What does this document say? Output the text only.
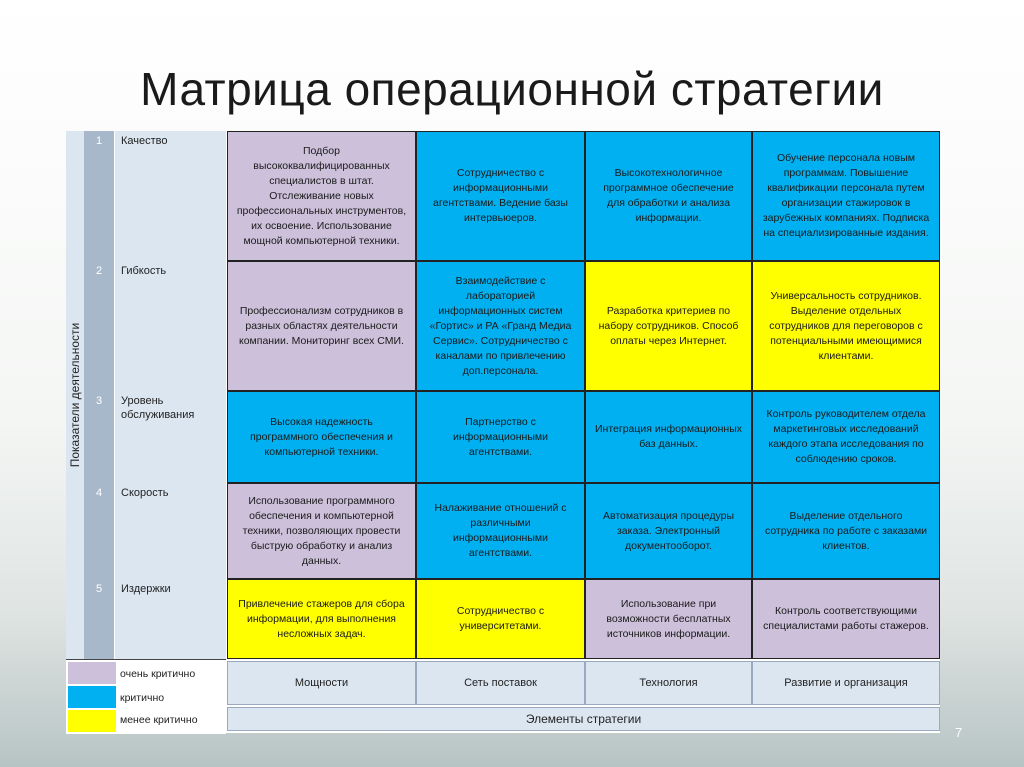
Матрица операционной стратегии
Показатели деятельности
1	Качество
Подбор высококвалифицированных специалистов в штат. Отслеживание новых профессиональных инструментов, их освоение. Использование мощной компьютерной техники.
Сотрудничество с информационными агентствами. Ведение базы интервьюеров.
Высокотехнологичное программное обеспечение для обработки и анализа информации.
Обучение персонала новым программам. Повышение квалификации персонала путем организации стажировок в зарубежных компаниях. Подписка на специализированные издания.
2	Гибкость
Профессионализм сотрудников в разных областях деятельности компании. Мониторинг всех СМИ.
Взаимодействие с лабораторией информационных систем «Гортис» и РА «Гранд Медиа Сервис». Сотрудничество с каналами по привлечению доп.персонала.
Разработка критериев по набору сотрудников. Способ оплаты через Интернет.
Универсальность сотрудников. Выделение отдельных сотрудников для переговоров с потенциальными имеющимися клиентами.
3	Уровень обслуживания
Высокая надежность программного обеспечения и компьютерной техники.
Партнерство с информационными агентствами.
Интеграция информационных баз данных.
Контроль руководителем отдела маркетинговых исследований каждого этапа исследования по соблюдению сроков.
4	Скорость
Использование программного обеспечения и компьютерной техники, позволяющих провести быструю обработку и анализ данных.
Налаживание отношений с различными информационными агентствами.
Автоматизация процедуры заказа. Электронный документооборот.
Выделение отдельного сотрудника по работе с заказами клиентов.
5	Издержки
Привлечение стажеров для сбора информации, для выполнения несложных задач.
Сотрудничество с университетами.
Использование при возможности бесплатных источников информации.
Контроль соответствующими специалистами работы стажеров.
очень критично
критично
менее критично
Мощности	Сеть поставок	Технология	Развитие и организация
Элементы стратегии
7
